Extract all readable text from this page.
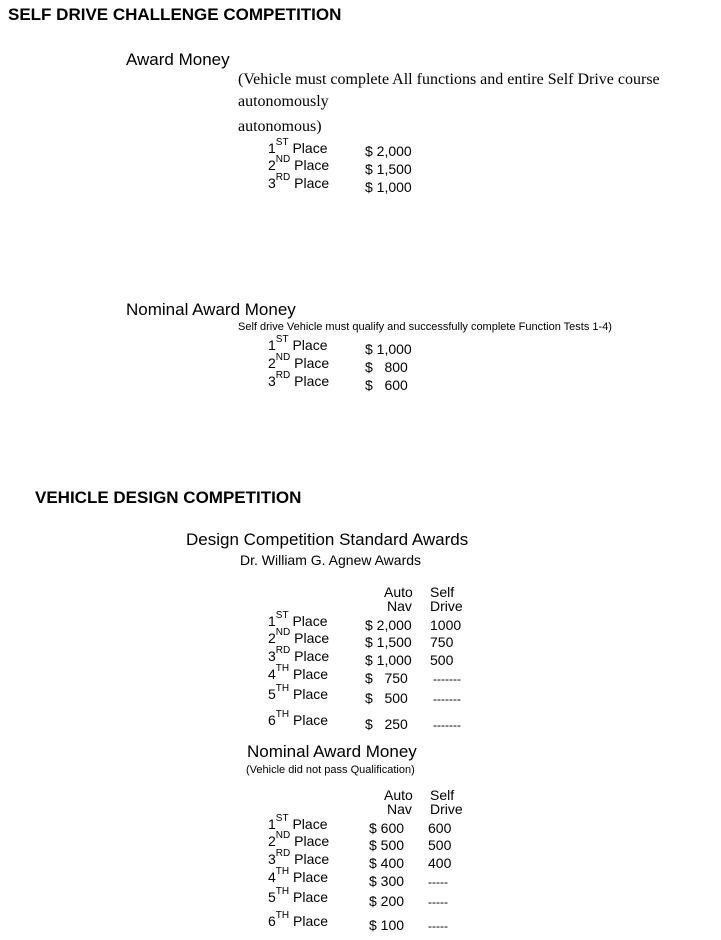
SELF DRIVE CHALLENGE COMPETITION
Award Money
(Vehicle must complete All functions and entire Self Drive course
autonomously
autonomous)
1ST Place	$ 2,000
2ND Place	$ 1,500
3RD Place	$ 1,000
Nominal Award Money
Self drive Vehicle must qualify and successfully complete Function Tests 1-4)
1ST Place	$ 1,000
2ND Place	$   800
3RD Place	$   600
VEHICLE DESIGN COMPETITION
Design Competition Standard Awards
Dr. William G. Agnew Awards
Auto
Nav
Self
Drive
1ST Place	$ 2,000 1000
2ND Place	$ 1,500 750
3RD Place	$ 1,000 500
4TH Place	$   750 -------
5TH Place	$   500 -------
6TH Place	$   250 -------
Nominal Award Money
(Vehicle did not pass Qualification)
Auto
Nav
Self
Drive
1ST Place	$ 600 600
2ND Place	$ 500 500
3RD Place	$ 400 400
4TH Place	$ 300 -----
5TH Place	$ 200 -----
6TH Place	$ 100 -----
